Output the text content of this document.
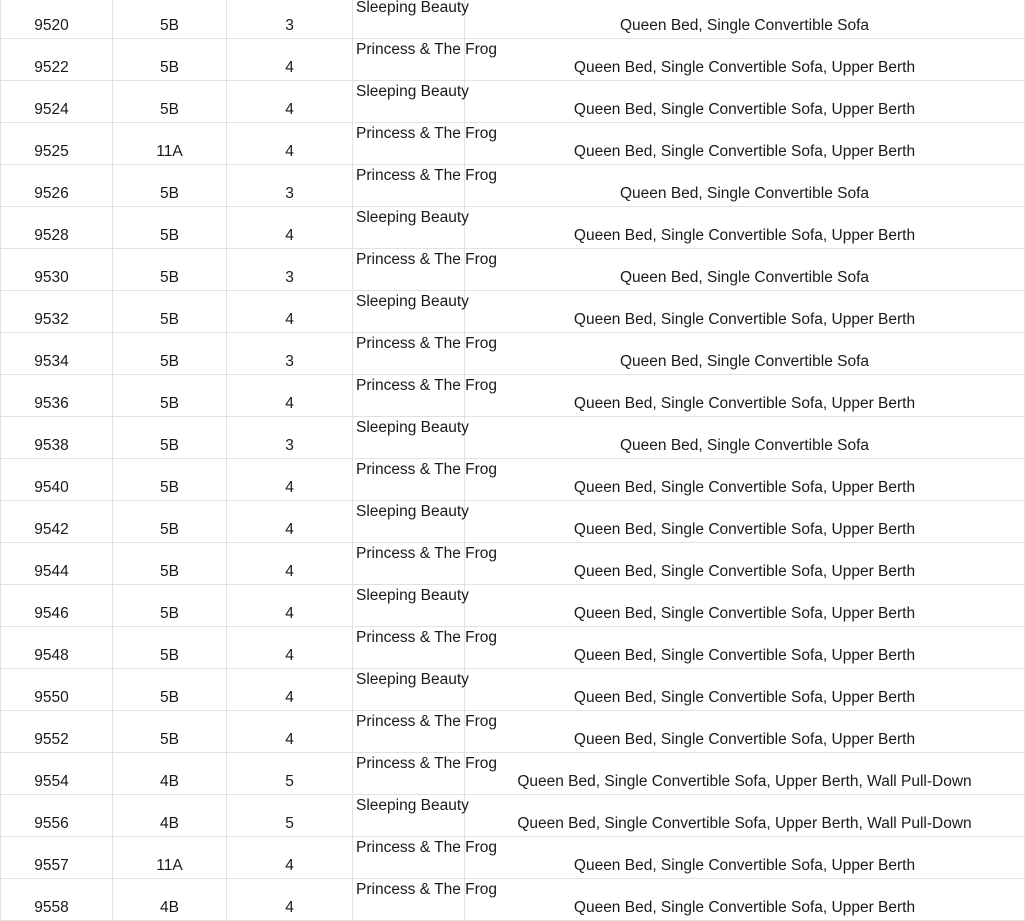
9520	5B	3	Sleeping Beauty	Queen Bed, Single Convertible Sofa
9522	5B	4	Princess & The Frog	Queen Bed, Single Convertible Sofa, Upper Berth
9524	5B	4	Sleeping Beauty	Queen Bed, Single Convertible Sofa, Upper Berth
9525	11A	4	Princess & The Frog	Queen Bed, Single Convertible Sofa, Upper Berth
9526	5B	3	Princess & The Frog	Queen Bed, Single Convertible Sofa
9528	5B	4	Sleeping Beauty	Queen Bed, Single Convertible Sofa, Upper Berth
9530	5B	3	Princess & The Frog	Queen Bed, Single Convertible Sofa
9532	5B	4	Sleeping Beauty	Queen Bed, Single Convertible Sofa, Upper Berth
9534	5B	3	Princess & The Frog	Queen Bed, Single Convertible Sofa
9536	5B	4	Princess & The Frog	Queen Bed, Single Convertible Sofa, Upper Berth
9538	5B	3	Sleeping Beauty	Queen Bed, Single Convertible Sofa
9540	5B	4	Princess & The Frog	Queen Bed, Single Convertible Sofa, Upper Berth
9542	5B	4	Sleeping Beauty	Queen Bed, Single Convertible Sofa, Upper Berth
9544	5B	4	Princess & The Frog	Queen Bed, Single Convertible Sofa, Upper Berth
9546	5B	4	Sleeping Beauty	Queen Bed, Single Convertible Sofa, Upper Berth
9548	5B	4	Princess & The Frog	Queen Bed, Single Convertible Sofa, Upper Berth
9550	5B	4	Sleeping Beauty	Queen Bed, Single Convertible Sofa, Upper Berth
9552	5B	4	Princess & The Frog	Queen Bed, Single Convertible Sofa, Upper Berth
9554	4B	5	Princess & The Frog	Queen Bed, Single Convertible Sofa, Upper Berth, Wall Pull-Down
9556	4B	5	Sleeping Beauty	Queen Bed, Single Convertible Sofa, Upper Berth, Wall Pull-Down
9557	11A	4	Princess & The Frog	Queen Bed, Single Convertible Sofa, Upper Berth
9558	4B	4	Princess & The Frog	Queen Bed, Single Convertible Sofa, Upper Berth
